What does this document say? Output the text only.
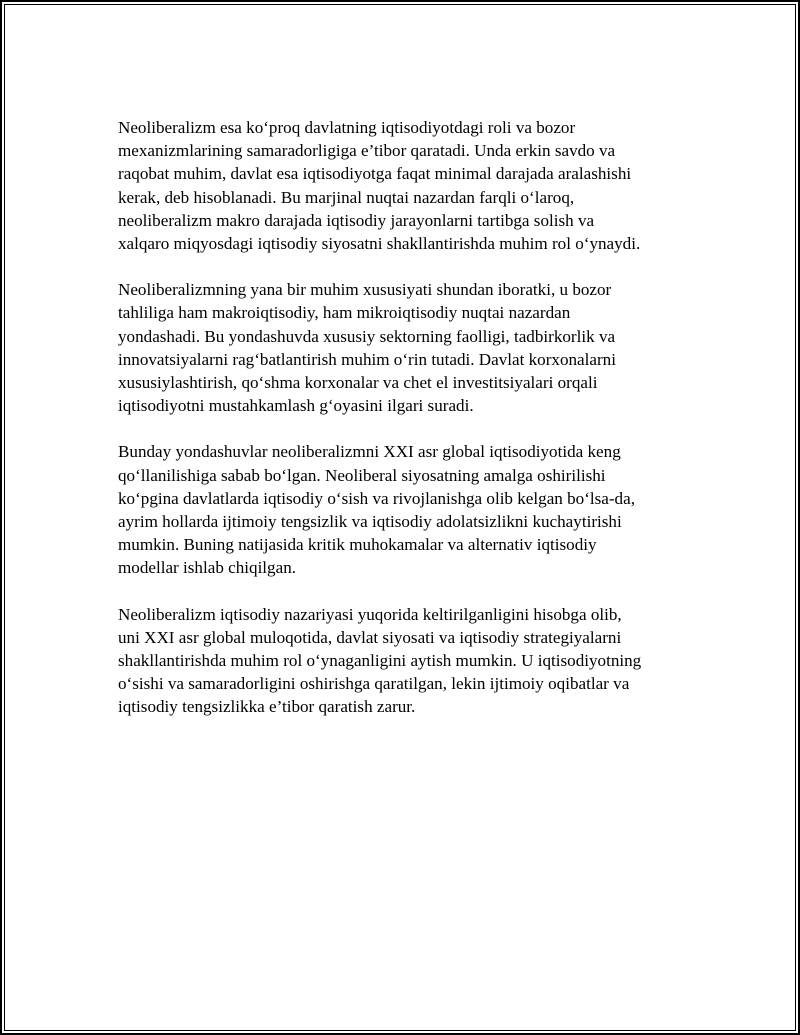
Neoliberalizm esa ko‘proq davlatning iqtisodiyotdagi roli va bozor
mexanizmlarining samaradorligiga e’tibor qaratadi. Unda erkin savdo va
raqobat muhim, davlat esa iqtisodiyotga faqat minimal darajada aralashishi
kerak, deb hisoblanadi. Bu marjinal nuqtai nazardan farqli o‘laroq,
neoliberalizm makro darajada iqtisodiy jarayonlarni tartibga solish va
xalqaro miqyosdagi iqtisodiy siyosatni shakllantirishda muhim rol o‘ynaydi.

Neoliberalizmning yana bir muhim xususiyati shundan iboratki, u bozor
tahliliga ham makroiqtisodiy, ham mikroiqtisodiy nuqtai nazardan
yondashadi. Bu yondashuvda xususiy sektorning faolligi, tadbirkorlik va
innovatsiyalarni rag‘batlantirish muhim o‘rin tutadi. Davlat korxonalarni
xususiylashtirish, qo‘shma korxonalar va chet el investitsiyalari orqali
iqtisodiyotni mustahkamlash g‘oyasini ilgari suradi.

Bunday yondashuvlar neoliberalizmni XXI asr global iqtisodiyotida keng
qo‘llanilishiga sabab bo‘lgan. Neoliberal siyosatning amalga oshirilishi
ko‘pgina davlatlarda iqtisodiy o‘sish va rivojlanishga olib kelgan bo‘lsa-da,
ayrim hollarda ijtimoiy tengsizlik va iqtisodiy adolatsizlikni kuchaytirishi
mumkin. Buning natijasida kritik muhokamalar va alternativ iqtisodiy
modellar ishlab chiqilgan.

Neoliberalizm iqtisodiy nazariyasi yuqorida keltirilganligini hisobga olib,
uni XXI asr global muloqotida, davlat siyosati va iqtisodiy strategiyalarni
shakllantirishda muhim rol o‘ynaganligini aytish mumkin. U iqtisodiyotning
o‘sishi va samaradorligini oshirishga qaratilgan, lekin ijtimoiy oqibatlar va
iqtisodiy tengsizlikka e’tibor qaratish zarur.
